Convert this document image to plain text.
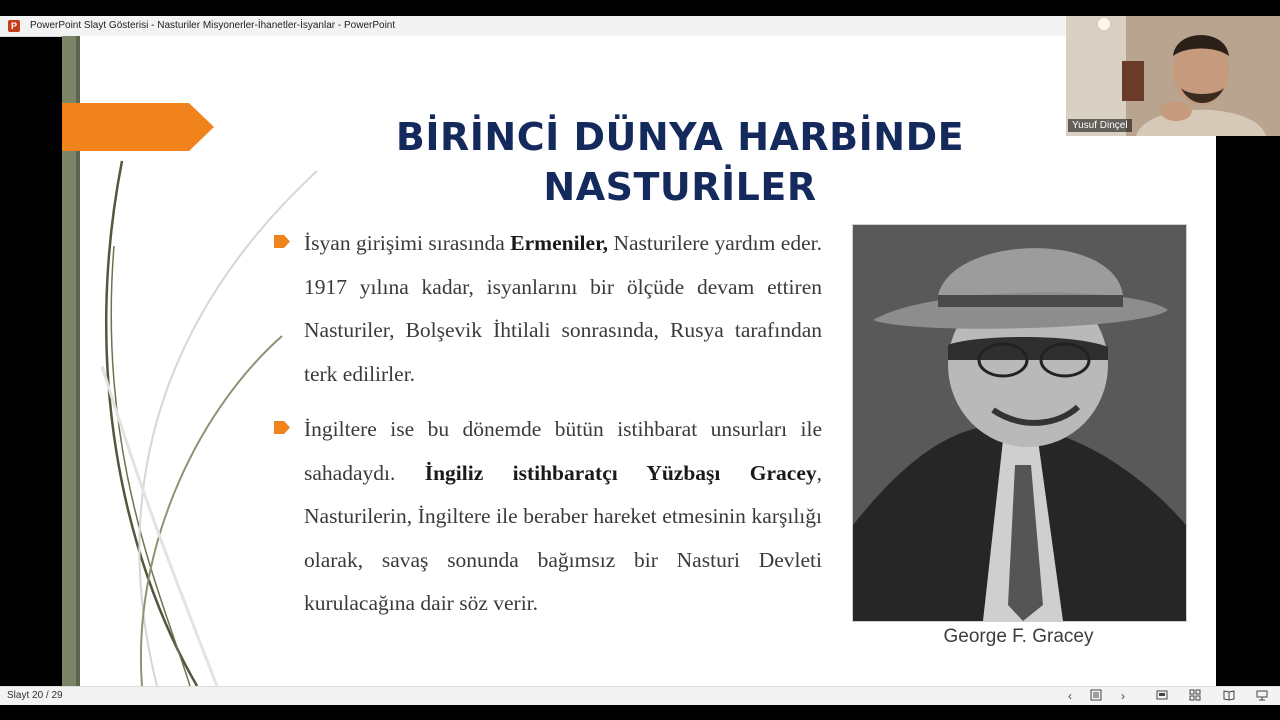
P	PowerPoint Slayt Gösterisi - Nasturiler Misyonerler-İhanetler-İsyanlar - PowerPoint
BİRİNCİ DÜNYA HARBİNDE
NASTURİLER
İsyan girişimi sırasında Ermeniler, Nasturilere yardım eder. 1917 yılına kadar, isyanlarını bir ölçüde devam ettiren Nasturiler, Bolşevik İhtilali sonrasında, Rusya tarafından terk edilirler.
İngiltere ise bu dönemde bütün istihbarat unsurları ile sahadaydı. İngiliz istihbaratçı Yüzbaşı Gracey, Nasturilerin, İngiltere ile beraber hareket etmesinin karşılığı olarak, savaş sonunda bağımsız bir Nasturi Devleti kurulacağına dair söz verir.
George F. Gracey
Yusuf Dinçel
Slayt 20 / 29	‹	›
